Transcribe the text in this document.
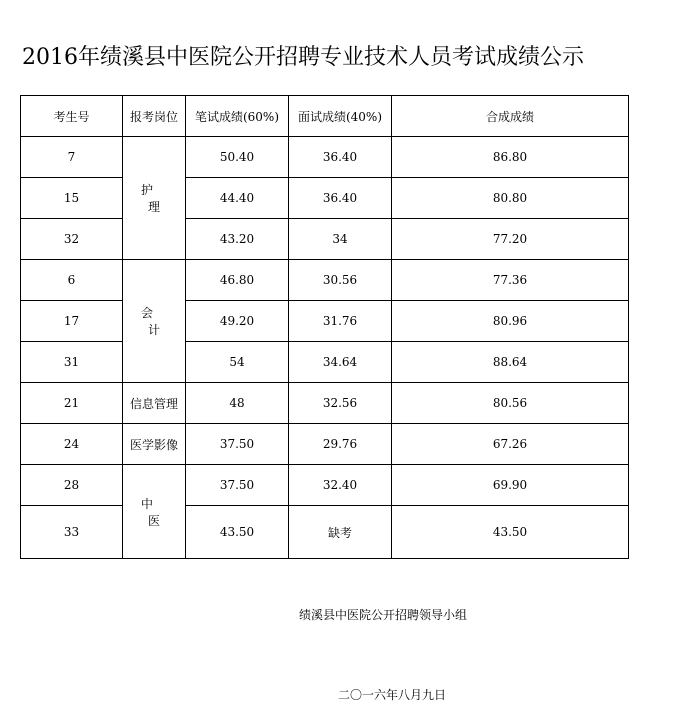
2016年绩溪县中医院公开招聘专业技术人员考试成绩公示
考生号	报考岗位	笔试成绩(60%)	面试成绩(40%)	合成成绩
7	护 理	50.40	36.40	86.80
15		44.40	36.40	80.80
32		43.20	34	77.20
6	会 计	46.80	30.56	77.36
17		49.20	31.76	80.96
31		54	34.64	88.64
21	信息管理	48	32.56	80.56
24	医学影像	37.50	29.76	67.26
28	中 医	37.50	32.40	69.90
33		43.50	缺考	43.50
绩溪县中医院公开招聘领导小组
二〇一六年八月九日
